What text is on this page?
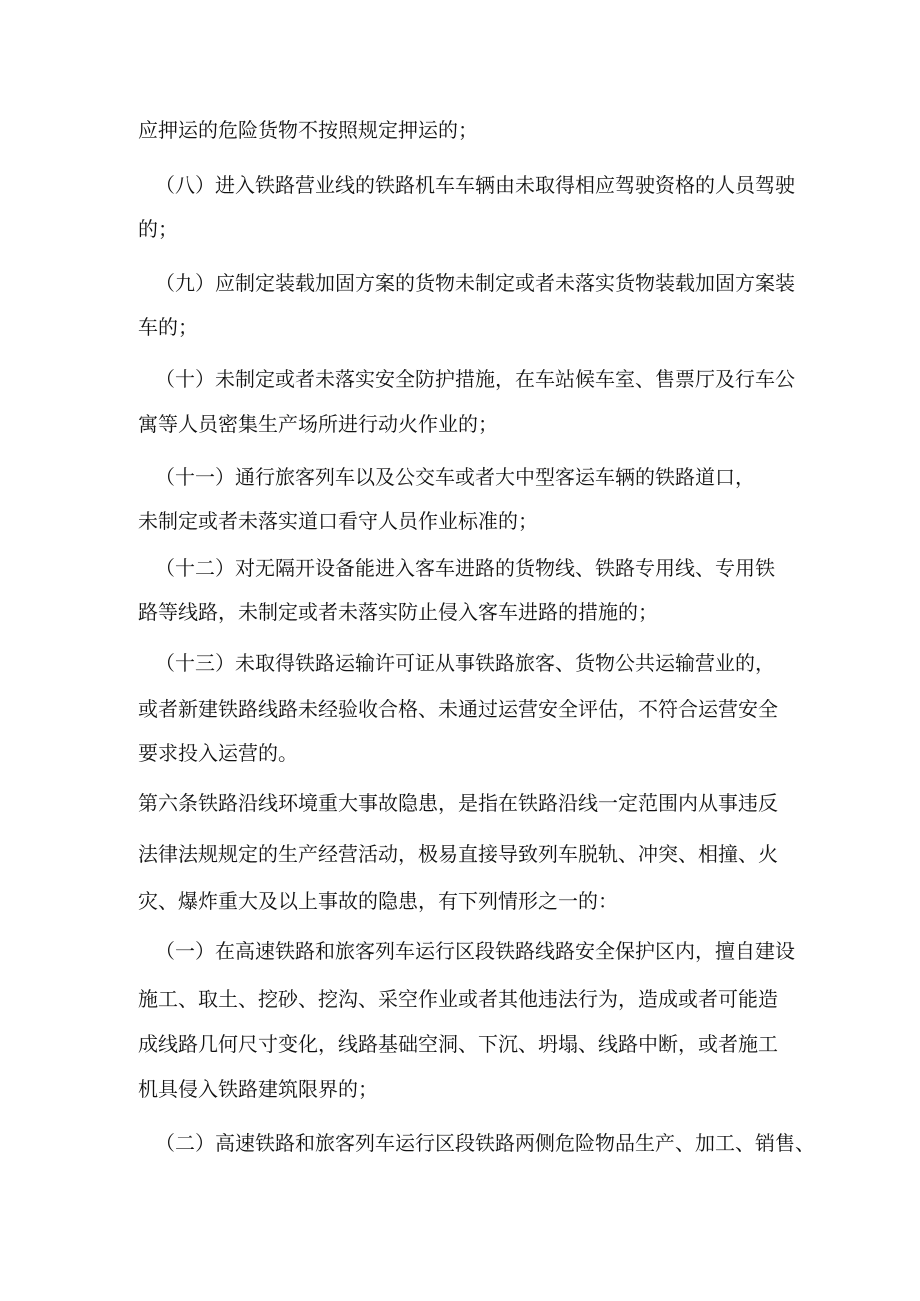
应押运的危险货物不按照规定押运的；
（八）进入铁路营业线的铁路机车车辆由未取得相应驾驶资格的人员驾驶
的；
（九）应制定装载加固方案的货物未制定或者未落实货物装载加固方案装
车的；
（十）未制定或者未落实安全防护措施，在车站候车室、售票厅及行车公
寓等人员密集生产场所进行动火作业的；
（十一）通行旅客列车以及公交车或者大中型客运车辆的铁路道口，
未制定或者未落实道口看守人员作业标准的；
（十二）对无隔开设备能进入客车进路的货物线、铁路专用线、专用铁
路等线路，未制定或者未落实防止侵入客车进路的措施的；
（十三）未取得铁路运输许可证从事铁路旅客、货物公共运输营业的，
或者新建铁路线路未经验收合格、未通过运营安全评估，不符合运营安全
要求投入运营的。
第六条铁路沿线环境重大事故隐患，是指在铁路沿线一定范围内从事违反
法律法规规定的生产经营活动，极易直接导致列车脱轨、冲突、相撞、火
灾、爆炸重大及以上事故的隐患，有下列情形之一的：
（一）在高速铁路和旅客列车运行区段铁路线路安全保护区内，擅自建设
施工、取土、挖砂、挖沟、采空作业或者其他违法行为，造成或者可能造
成线路几何尺寸变化，线路基础空洞、下沉、坍塌、线路中断，或者施工
机具侵入铁路建筑限界的；
（二）高速铁路和旅客列车运行区段铁路两侧危险物品生产、加工、销售、
